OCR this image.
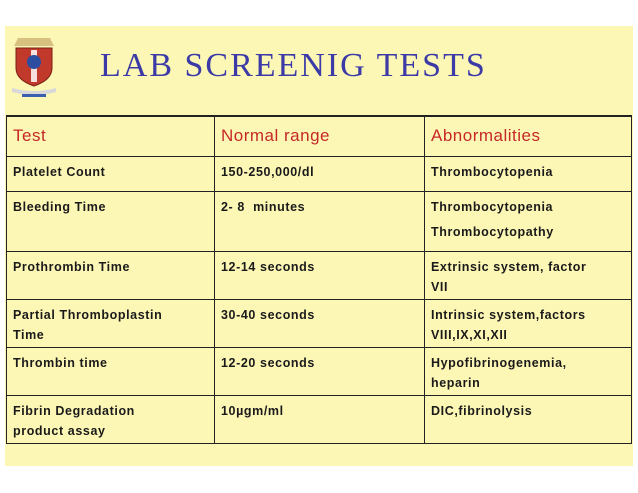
LAB SCREENIG TESTS
Test	Normal range	Abnormalities

Platelet Count	150-250,000/dl	Thrombocytopenia

Bleeding Time	2- 8  minutes	Thrombocytopenia
Thrombocytopathy

Prothrombin Time	12-14 seconds	Extrinsic system, factor
VII

Partial Thromboplastin
Time	30-40 seconds	Intrinsic system,factors
VIII,IX,XI,XII

Thrombin time	12-20 seconds	Hypofibrinogenemia,
heparin

Fibrin Degradation
product assay	10µgm/ml	DIC,fibrinolysis
